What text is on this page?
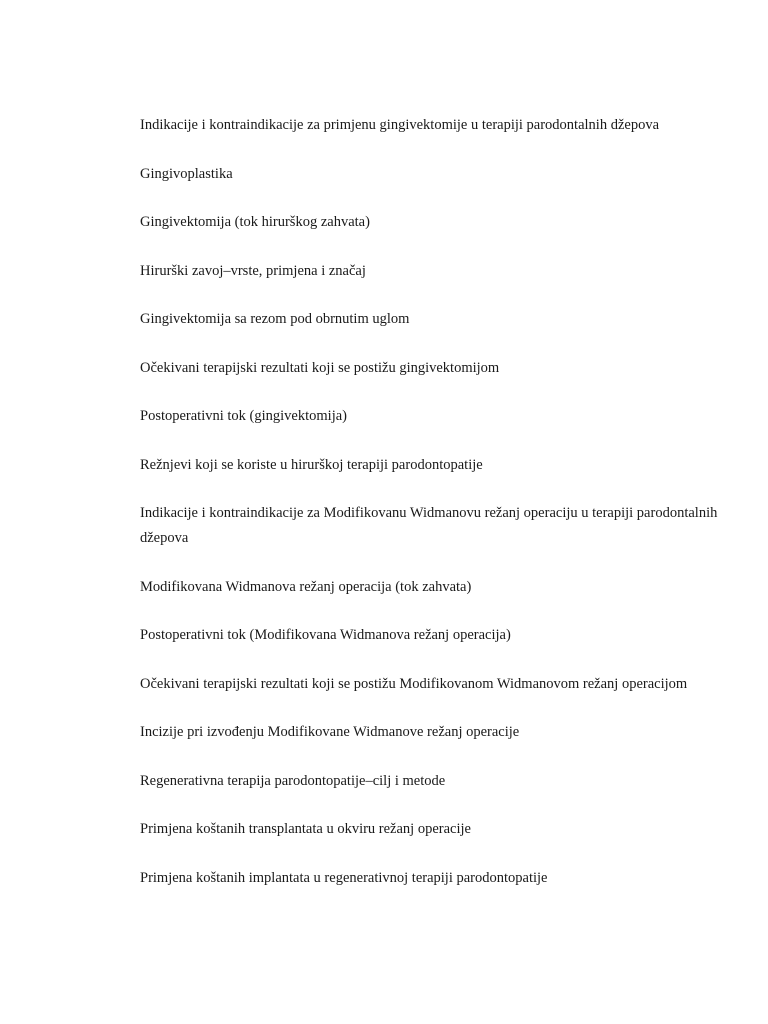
Indikacije i kontraindikacije za primjenu gingivektomije u terapiji parodontalnih džepova
Gingivoplastika
Gingivektomija (tok hirurškog zahvata)
Hirurški zavoj–vrste, primjena i značaj
Gingivektomija sa rezom pod obrnutim uglom
Očekivani terapijski rezultati koji se postižu gingivektomijom
Postoperativni tok (gingivektomija)
Režnjevi koji se koriste u hirurškoj terapiji parodontopatije
Indikacije i kontraindikacije za Modifikovanu Widmanovu režanj operaciju u terapiji parodontalnih džepova
Modifikovana Widmanova režanj operacija (tok zahvata)
Postoperativni tok (Modifikovana Widmanova režanj operacija)
Očekivani terapijski rezultati koji se postižu Modifikovanom Widmanovom režanj operacijom
Incizije pri izvođenju Modifikovane Widmanove režanj operacije
Regenerativna terapija parodontopatije–cilj i metode
Primjena koštanih transplantata u okviru režanj operacije
Primjena koštanih implantata u regenerativnoj terapiji parodontopatije
